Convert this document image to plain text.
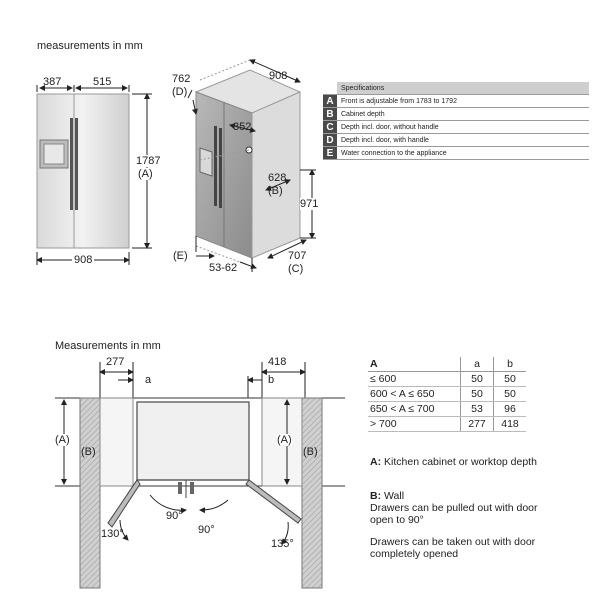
measurements in mm
387	515
908
1787
(A)
762
(D)
908
352
628
(B)
971
(E)
53-62
707
(C)
	Specifications
A	Front is adjustable from 1783 to 1792
B	Cabinet depth
C	Depth incl. door, without handle
D	Depth incl. door, with handle
E	Water connection to the appliance
Measurements in mm
277	418
a	b
(A)
(B)
(A)
(B)
90°
90°
130°
135°
A	a	b
≤ 600	50	50
600 < A ≤ 650	50	50
650 < A ≤ 700	53	96
> 700	277	418
A: Kitchen cabinet or worktop depth
B: Wall
Drawers can be pulled out with door open to 90°
Drawers can be taken out with door completely opened
